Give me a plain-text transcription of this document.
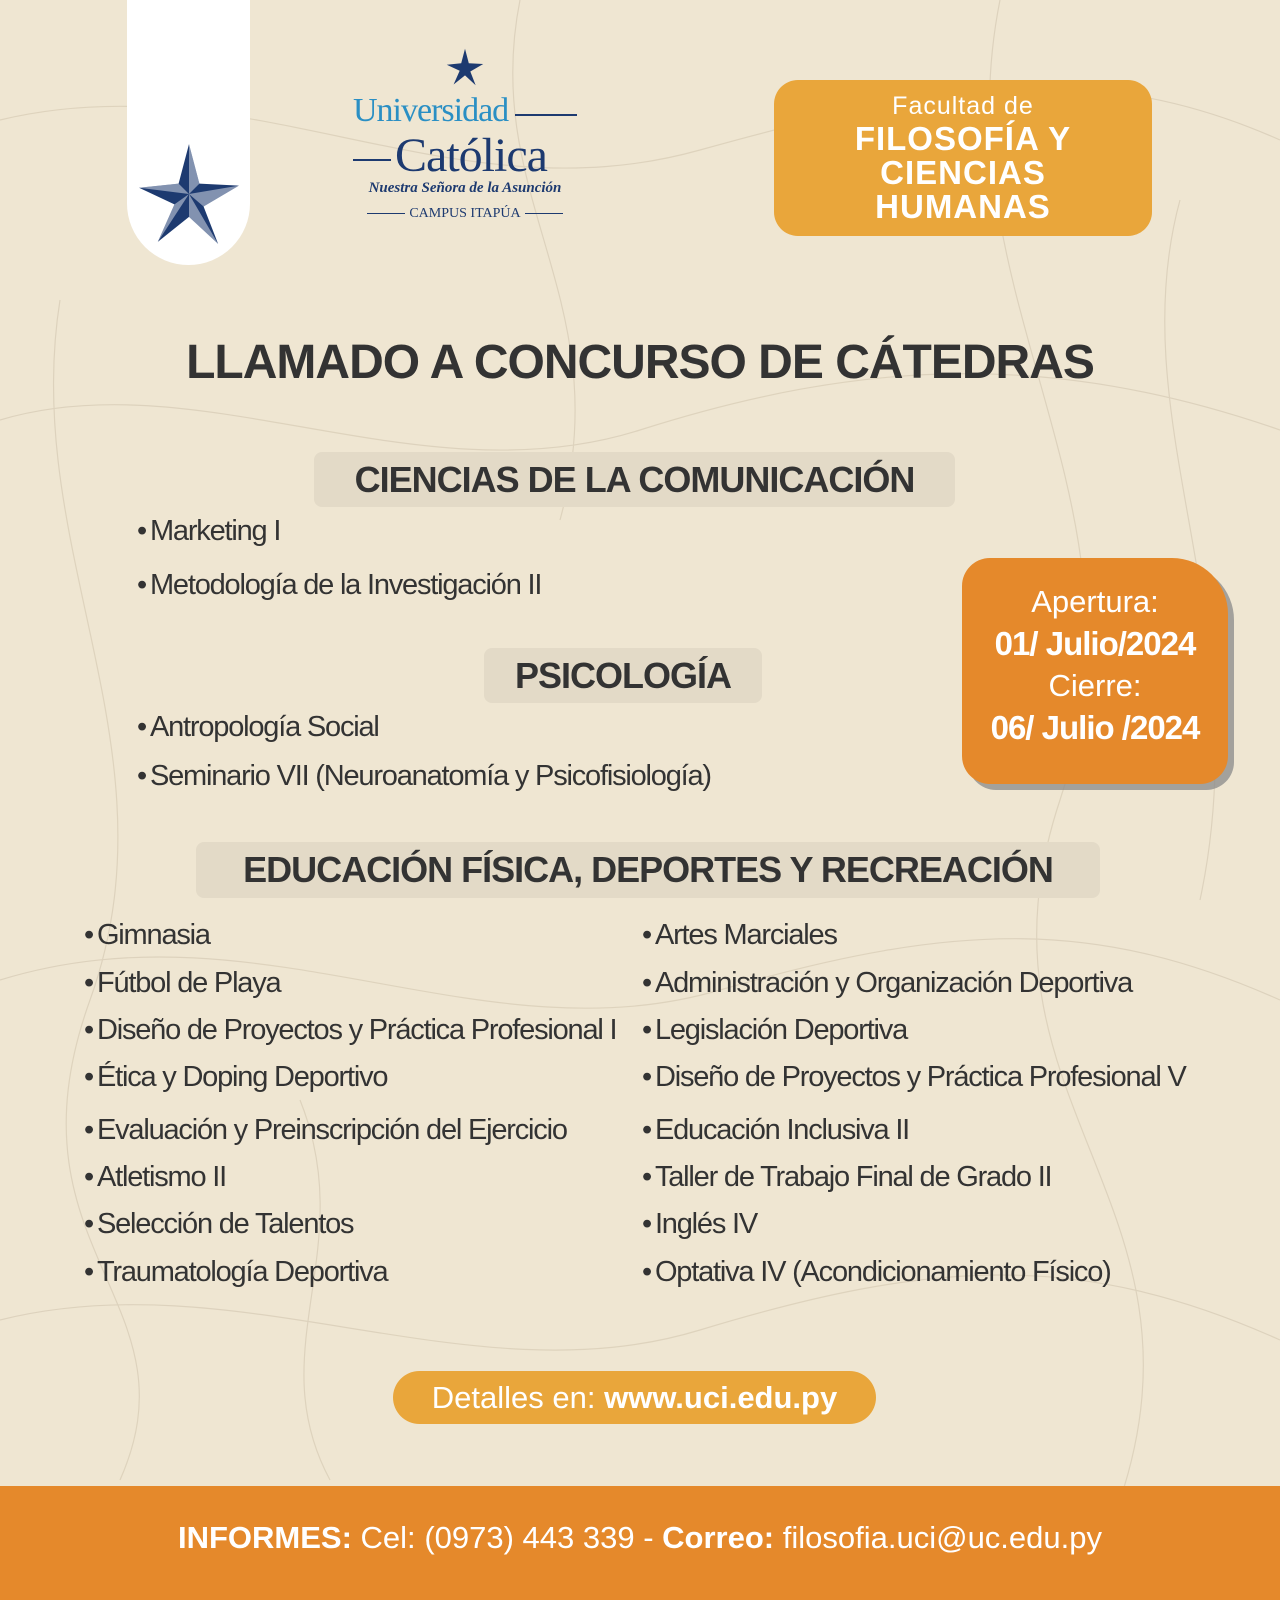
Universidad
Católica
Nuestra Señora de la Asunción
CAMPUS ITAPÚA
Facultad de
FILOSOFÍA Y
CIENCIAS
HUMANAS
LLAMADO A CONCURSO DE CÁTEDRAS
CIENCIAS DE LA COMUNICACIÓN
• Marketing I
• Metodología de la Investigación II
PSICOLOGÍA
• Antropología Social
• Seminario VII (Neuroanatomía y Psicofisiología)
Apertura:
01/ Julio/2024
Cierre:
06/ Julio /2024
EDUCACIÓN FÍSICA, DEPORTES Y RECREACIÓN
• Gimnasia
• Fútbol de Playa
• Diseño de Proyectos y Práctica Profesional I
• Ética y Doping Deportivo
• Evaluación y Preinscripción del Ejercicio
• Atletismo II
• Selección de Talentos
• Traumatología Deportiva
• Artes Marciales
• Administración y Organización Deportiva
• Legislación Deportiva
• Diseño de Proyectos y Práctica Profesional V
• Educación Inclusiva II
• Taller de Trabajo Final de Grado II
• Inglés IV
• Optativa IV (Acondicionamiento Físico)
Detalles en: www.uci.edu.py
INFORMES: Cel: (0973) 443 339 - Correo: filosofia.uci@uc.edu.py
